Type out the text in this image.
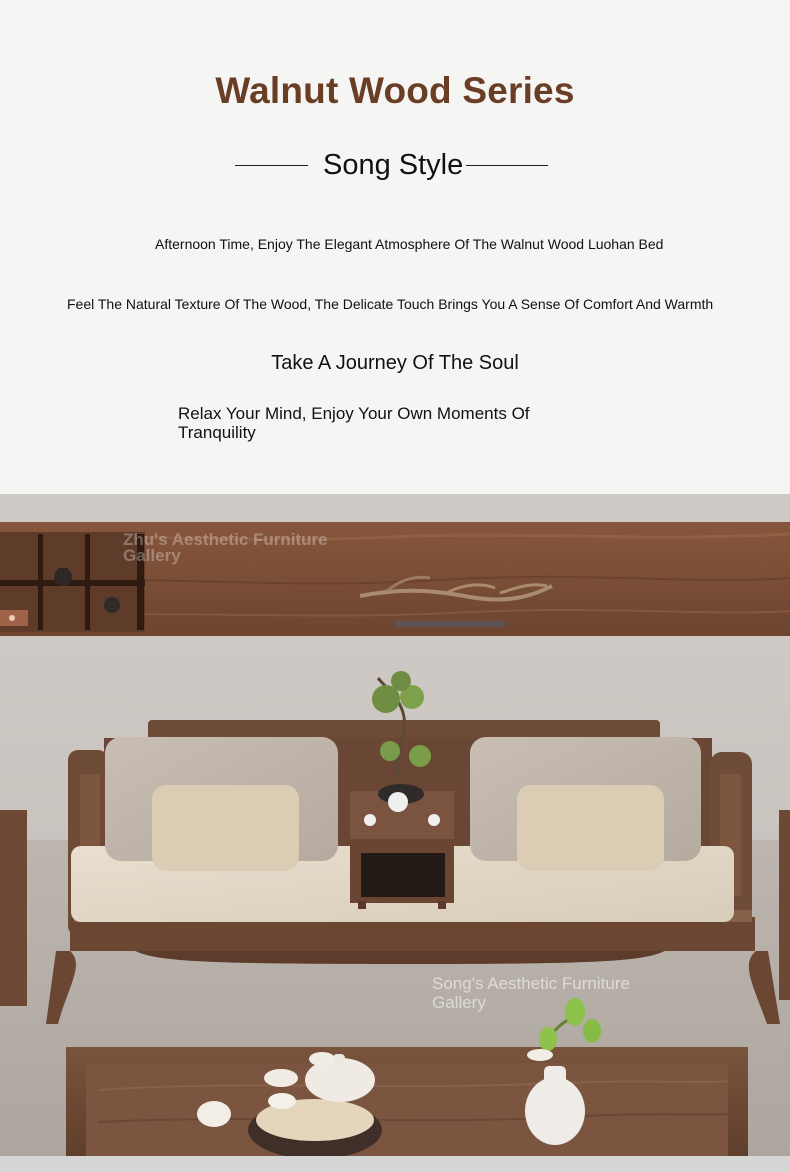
Walnut Wood Series
Song Style
Afternoon Time, Enjoy The Elegant Atmosphere Of The Walnut Wood Luohan Bed
Feel The Natural Texture Of The Wood, The Delicate Touch Brings You A Sense Of Comfort And Warmth
Take A Journey Of The Soul
Relax Your Mind, Enjoy Your Own Moments Of Tranquility
Zhu's Aesthetic Furniture Gallery
Song's Aesthetic Furniture Gallery
